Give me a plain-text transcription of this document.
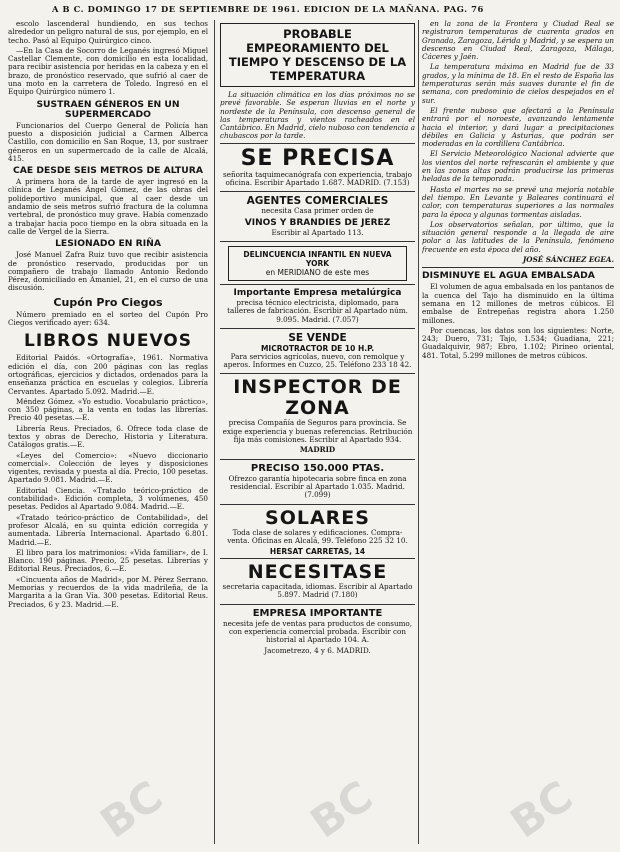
A B C. DOMINGO 17 DE SEPTIEMBRE DE 1961. EDICION DE LA MAÑANA. PAG. 76

escolo lascenderal hundiendo, en sus techos alrededor un peligro natural de sus, por ejemplo, en el techo. Pasó al Equipo Quirúrgico cinco.

—En la Casa de Socorro de Leganés ingresó Miguel Castellar Clemente, con domicilio en esta localidad, para recibir asistencia por heridas en la cabeza y en el brazo, de pronóstico reservado, que sufrió al caer de una moto en la carretera de Toledo. Ingresó en el Equipo Quirúrgico número 1.

SUSTRAEN GÉNEROS EN UN SUPERMERCADO

Funcionarios del Cuerpo General de Policía han puesto a disposición judicial a Carmen Alberca Castillo, con domicilio en San Roque, 13, por sustraer géneros en un supermercado de la calle de Alcalá, 415.

CAE DESDE SEIS METROS DE ALTURA

A primera hora de la tarde de ayer ingresó en la clínica de Leganés Ángel Gómez, de las obras del polideportivo municipal, que al caer desde un andamio de seis metros sufrió fractura de la columna vertebral, de pronóstico muy grave. Había comenzado a trabajar hacia poco tiempo en la obra situada en la calle de Vergel de la Sierra.

LESIONADO EN RIÑA

José Manuel Zafra Ruiz tuvo que recibir asistencia de pronóstico reservado, producidas por un compañero de trabajo llamado Antonio Redondo Pérez, domiciliado en Amaniel, 21, en el curso de una discusión.

Cupón Pro Ciegos

Número premiado en el sorteo del Cupón Pro Ciegos verificado ayer: 634.

LIBROS NUEVOS

Editorial Paidós. «Ortografía», 1961. Normativa edición el día, con 200 páginas con las reglas ortográficas, ejercicios y dictados, ordenados para la enseñanza práctica en escuelas y colegios. Librería Cervantes. Apartado 5.092. Madrid.—E.

Méndez Gómez. «Yo estudio. Vocabulario práctico», con 350 páginas, a la venta en todas las librerías. Precio 40 pesetas.—E.

Librería Reus. Preciados, 6. Ofrece toda clase de textos y obras de Derecho, Historia y Literatura. Catálogos gratis.—E.

«Leyes del Comercio»: «Nuevo diccionario comercial». Colección de leyes y disposiciones vigentes, revisada y puesta al día. Precio, 100 pesetas. Apartado 9.081. Madrid.—E.

Editorial Ciencia. «Tratado teórico-práctico de contabilidad». Edición completa, 3 volúmenes, 450 pesetas. Pedidos al Apartado 9.084. Madrid.—E.

«Tratado teórico-práctico de Contabilidad», del profesor Alcalá, en su quinta edición corregida y aumentada. Librería Internacional. Apartado 6.801. Madrid.—E.

El libro para los matrimonios: «Vida familiar», de I. Blanco. 190 páginas. Precio, 25 pesetas. Librerías y Editorial Reus. Preciados, 6.—E.

«Cincuenta años de Madrid», por M. Pérez Serrano. Memorias y recuerdos de la vida madrileña, de la Margarita a la Gran Vía. 300 pesetas. Editorial Reus. Preciados, 6 y 23. Madrid.—E.

PROBABLE EMPEORAMIENTO DEL TIEMPO Y DESCENSO DE LA TEMPERATURA

La situación climática en los días próximos no se prevé favorable. Se esperan lluvias en el norte y nordeste de la Península, con descenso general de las temperaturas y vientos racheados en el Cantábrico. En Madrid, cielo nuboso con tendencia a chubascos por la tarde.

SE PRECISA

señorita taquimecanógrafa con experiencia, trabajo oficina. Escribir Apartado 1.687. MADRID. (7.153)

AGENTES COMERCIALES

necesita Casa primer orden de

VINOS Y BRANDIES DE JEREZ

Escribir al Apartado 113.

DELINCUENCIA INFANTIL EN NUEVA YORK
en MERIDIANO de este mes
Importante Empresa metalúrgica

precisa técnico electricista, diplomado, para talleres de fabricación. Escribir al Apartado núm. 9.095. Madrid. (7.057)

SE VENDE
MICROTRACTOR DE 10 H.P.

Para servicios agrícolas, nuevo, con remolque y aperos. Informes en Cuzco, 25. Teléfono 233 18 42.

INSPECTOR DE ZONA

precisa Compañía de Seguros para provincia. Se exige experiencia y buenas referencias. Retribución fija más comisiones. Escribir al Apartado 934.

MADRID

PRECISO 150.000 PTAS.

Ofrezco garantía hipotecaria sobre finca en zona residencial. Escribir al Apartado 1.035. Madrid. (7.099)

SOLARES

Toda clase de solares y edificaciones. Compra-venta. Oficinas en Alcalá, 99. Teléfono 225 32 10.

HERSAT CARRETAS, 14
NECESITASE

secretaria capacitada, idiomas. Escribir al Apartado 5.897. Madrid (7.180)

EMPRESA IMPORTANTE

necesita jefe de ventas para productos de consumo, con experiencia comercial probada. Escribir con historial al Apartado 104. A.

Jacometrezo, 4 y 6. MADRID.

en la zona de la Frontera y Ciudad Real se registraron temperaturas de cuarenta grados en Granada, Zaragoza, Lérida y Madrid, y se espera un descenso en Ciudad Real, Zaragoza, Málaga, Cáceres y Jaén.

La temperatura máxima en Madrid fue de 33 grados, y la mínima de 18. En el resto de España las temperaturas serán más suaves durante el fin de semana, con predominio de cielos despejados en el sur.

El frente nuboso que afectará a la Península entrará por el noroeste, avanzando lentamente hacia el interior, y dará lugar a precipitaciones débiles en Galicia y Asturias, que podrán ser moderadas en la cordillera Cantábrica.

El Servicio Meteorológico Nacional advierte que los vientos del norte refrescarán el ambiente y que en las zonas altas podrán producirse las primeras heladas de la temporada.

Hasta el martes no se prevé una mejoría notable del tiempo. En Levante y Baleares continuará el calor, con temperaturas superiores a las normales para la época y algunas tormentas aisladas.

Los observatorios señalan, por último, que la situación general responde a la llegada de aire polar a las latitudes de la Península, fenómeno frecuente en esta época del año.

JOSÉ SÁNCHEZ EGEA.

DISMINUYE EL AGUA EMBALSADA

El volumen de agua embalsada en los pantanos de la cuenca del Tajo ha disminuido en la última semana en 12 millones de metros cúbicos. El embalse de Entrepeñas registra ahora 1.250 millones.

Por cuencas, los datos son los siguientes: Norte, 243; Duero, 731; Tajo, 1.534; Guadiana, 221; Guadalquivir, 987; Ebro, 1.102; Pirineo oriental, 481. Total, 5.299 millones de metros cúbicos.

BC	BC	BC
